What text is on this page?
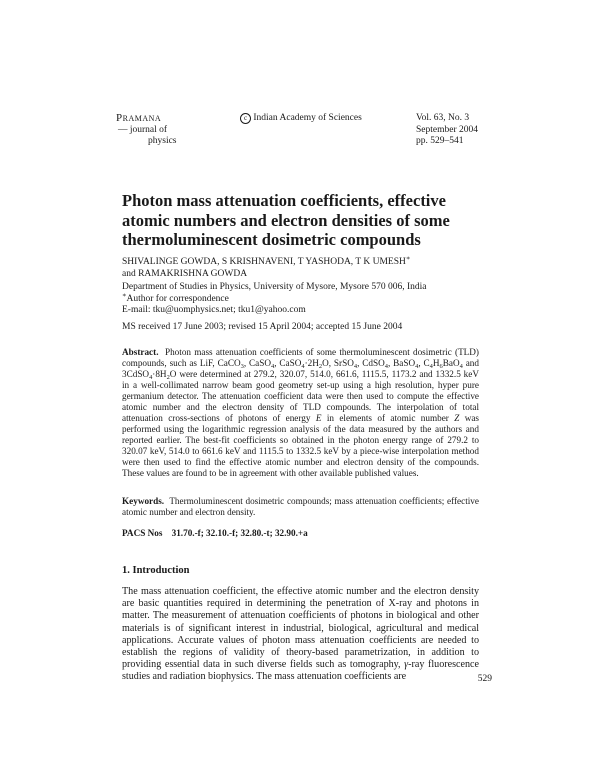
Pramana
— journal of
physics
c Indian Academy of Sciences	Vol. 63, No. 3
September 2004
pp. 529–541
Photon mass attenuation coefficients, effective
atomic numbers and electron densities of some
thermoluminescent dosimetric compounds
SHIVALINGE GOWDA, S KRISHNAVENI, T YASHODA, T K UMESH∗
and RAMAKRISHNA GOWDA
Department of Studies in Physics, University of Mysore, Mysore 570 006, India
∗Author for correspondence
E-mail: tku@uomphysics.net; tku1@yahoo.com
MS received 17 June 2003; revised 15 April 2004; accepted 15 June 2004

Abstract. Photon mass attenuation coefficients of some thermoluminescent dosimetric (TLD) compounds, such as LiF, CaCO$_3$, CaSO$_4$, $CaSO_4\cdot 2H_2O$, SrSO$_4$, CdSO$_4$, BaSO$_4$, $C_4H_6BaO_4$ and $3CdSO_4\cdot 8H_2O$ were determined at 279.2, 320.07, 514.0, 661.6, 1115.5, 1173.2 and 1332.5 keV in a well-collimated narrow beam good geometry set-up using a high resolution, hyper pure germanium detector. The attenuation coefficient data were then used to compute the effective atomic number and the electron density of TLD compounds. The interpolation of total attenuation cross-sections of photons of energy E in elements of atomic number Z was performed using the logarithmic regression analysis of the data measured by the authors and reported earlier. The best-fit coefficients so obtained in the photon energy range of 279.2 to 320.07 keV, 514.0 to 661.6 keV and 1115.5 to 1332.5 keV by a piece-wise interpolation method were then used to find the effective atomic number and electron density of the compounds. These values are found to be in agreement with other available published values.

Keywords. Thermoluminescent dosimetric compounds; mass attenuation coefficients; effective atomic number and electron density.

PACS Nos 31.70.-f; 32.10.-f; 32.80.-t; 32.90.+a
1. Introduction

The mass attenuation coefficient, the effective atomic number and the electron density are basic quantities required in determining the penetration of X-ray and photons in matter. The measurement of attenuation coefficients of photons in biological and other materials is of significant interest in industrial, biological, agricultural and medical applications. Accurate values of photon mass attenuation coefficients are needed to establish the regions of validity of theory-based parametrization, in addition to providing essential data in such diverse fields such as tomography, γ-ray fluorescence studies and radiation biophysics. The mass attenuation coefficients are	529
